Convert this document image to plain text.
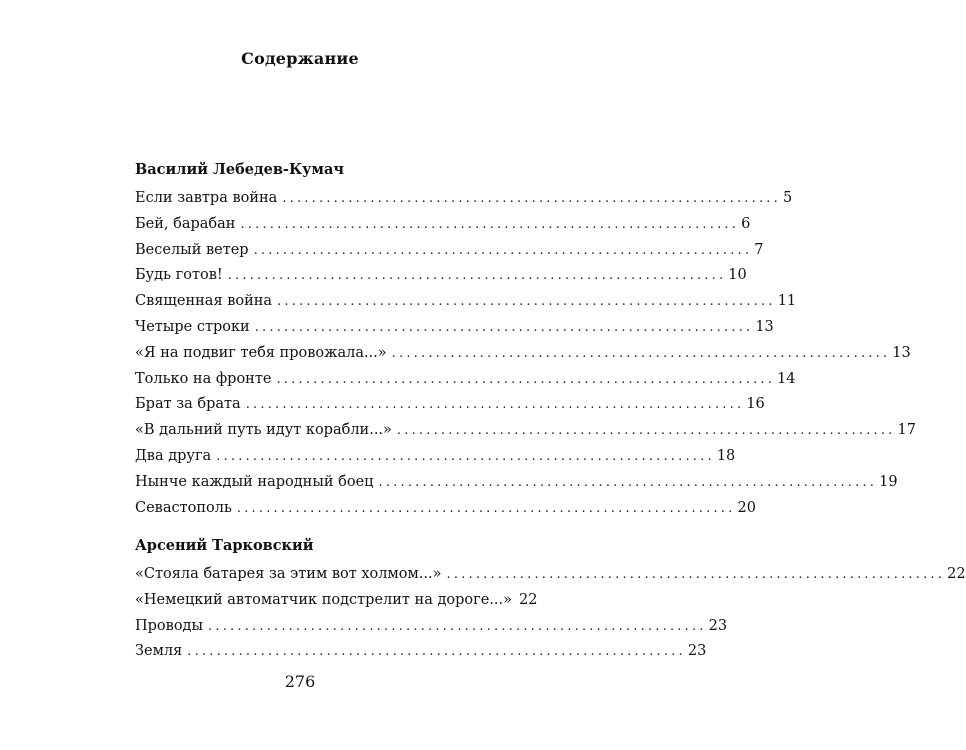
Содержание
Василий Лебедев-Кумач
Если завтра война .................................................................... 5
Бей, барабан .................................................................... 6
Веселый ветер .................................................................... 7
Будь готов! .................................................................... 10
Священная война .................................................................... 11
Четыре строки .................................................................... 13
«Я на подвиг тебя провожала...» .................................................................... 13
Только на фронте .................................................................... 14
Брат за брата .................................................................... 16
«В дальний путь идут корабли...» .................................................................... 17
Два друга .................................................................... 18
Нынче каждый народный боец .................................................................... 19
Севастополь .................................................................... 20
Арсений Тарковский
«Стояла батарея за этим вот холмом...» .................................................................... 22
«Немецкий автоматчик подстрелит на дороге...» 22
Проводы .................................................................... 23
Земля .................................................................... 23
276
